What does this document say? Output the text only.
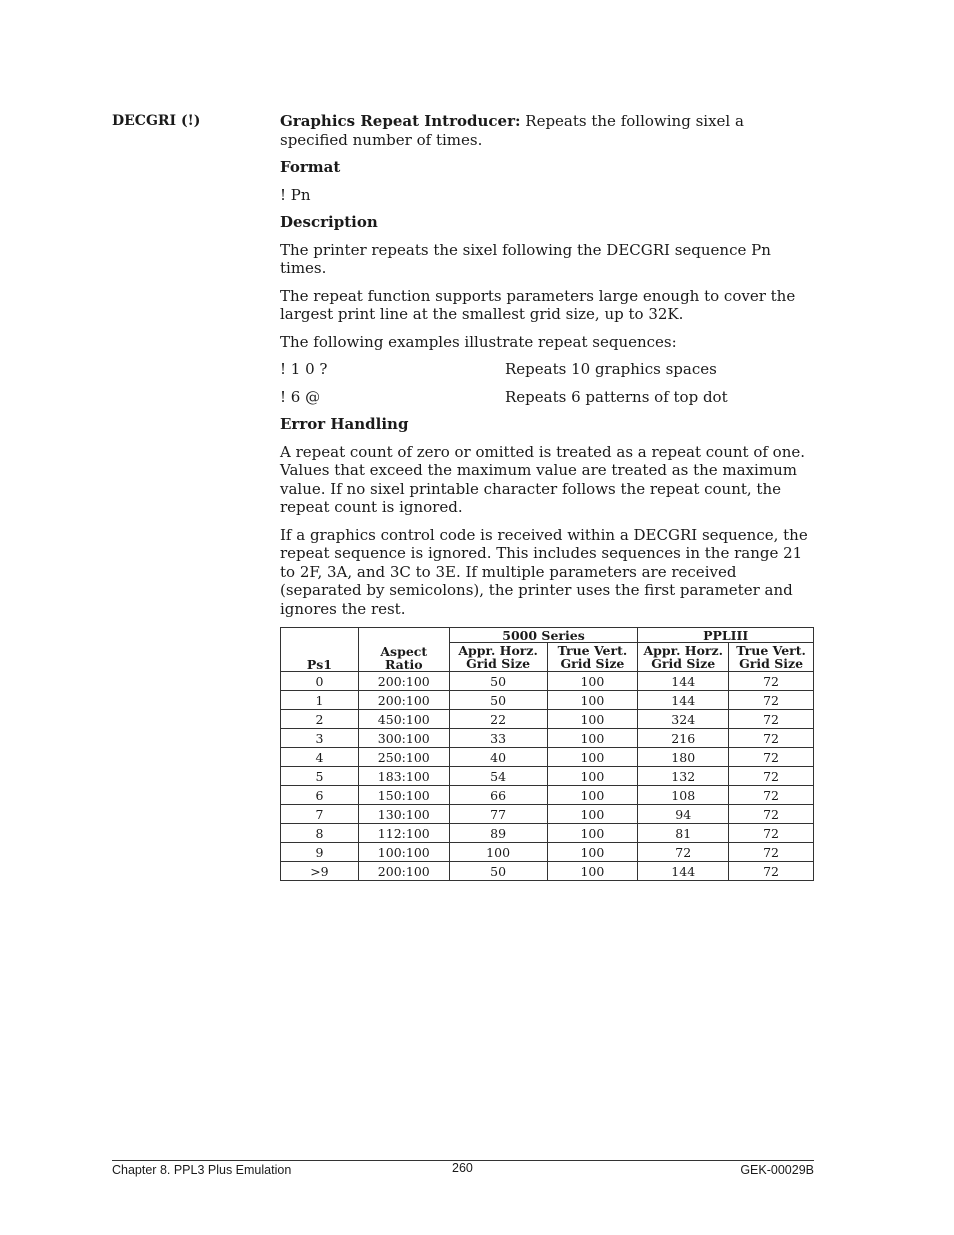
DECGRI (!)	Graphics Repeat Introducer: Repeats the following sixel a specified number of times.

Format

! Pn

Description

The printer repeats the sixel following the DECGRI sequence Pn times.

The repeat function supports parameters large enough to cover the largest print line at the smallest grid size, up to 32K.

The following examples illustrate repeat sequences:

! 1 0 ?	Repeats 10 graphics spaces
! 6 @	Repeats 6 patterns of top dot
Error Handling

A repeat count of zero or omitted is treated as a repeat count of one. Values that exceed the maximum value are treated as the maximum value. If no sixel printable character follows the repeat count, the repeat count is ignored.

If a graphics control code is received within a DECGRI sequence, the repeat sequence is ignored. This includes sequences in the range 21 to 2F, 3A, and 3C to 3E. If multiple parameters are received (separated by semicolons), the printer uses the first parameter and ignores the rest.

Ps1	Aspect Ratio	5000 Series		PPLIII	
		Appr. Horz. Grid Size	True Vert. Grid Size	Appr. Horz. Grid Size	True Vert. Grid Size
0	200:100	50	100	144	72
1	200:100	50	100	144	72
2	450:100	22	100	324	72
3	300:100	33	100	216	72
4	250:100	40	100	180	72
5	183:100	54	100	132	72
6	150:100	66	100	108	72
7	130:100	77	100	94	72
8	112:100	89	100	81	72
9	100:100	100	100	72	72
>9	200:100	50	100	144	72
Chapter 8. PPL3 Plus Emulation	260	GEK-00029B
